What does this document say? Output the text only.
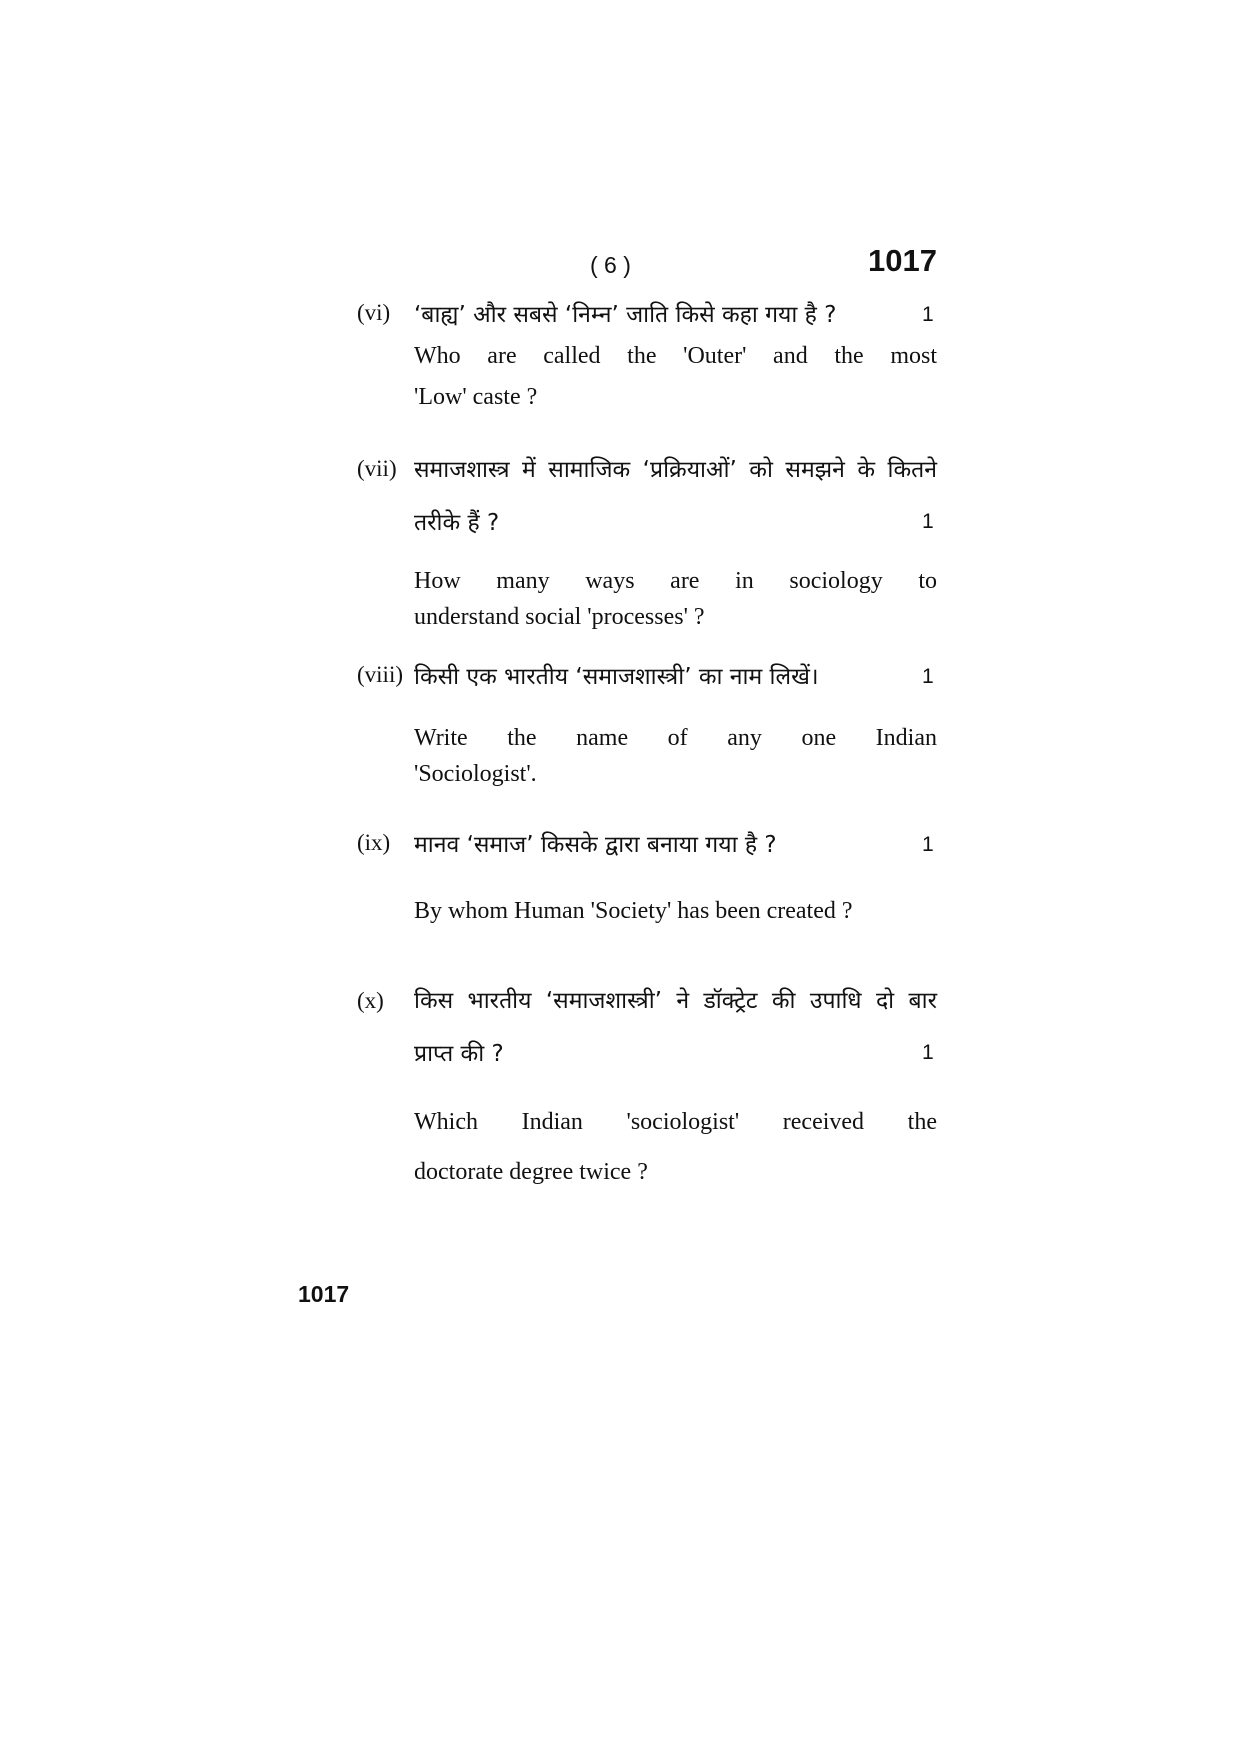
( 6 )	1017
(vi) ‘बाह्य’ और सबसे ‘निम्न’ जाति किसे कहा गया है ?	1
Who are called the 'Outer' and the most
'Low' caste ?
(vii) समाजशास्त्र में सामाजिक ‘प्रक्रियाओं’ को समझने के कितने
तरीके हैं ?	1
How many ways are in sociology to
understand social 'processes' ?
(viii) किसी एक भारतीय ‘समाजशास्त्री’ का नाम लिखें।	1
Write the name of any one Indian
'Sociologist'.
(ix) मानव ‘समाज’ किसके द्वारा बनाया गया है ?	1
By whom Human 'Society' has been created ?
(x) किस भारतीय ‘समाजशास्त्री’ ने डॉक्ट्रेट की उपाधि दो बार
प्राप्त की ?	1
Which Indian 'sociologist' received the
doctorate degree twice ?
1017
